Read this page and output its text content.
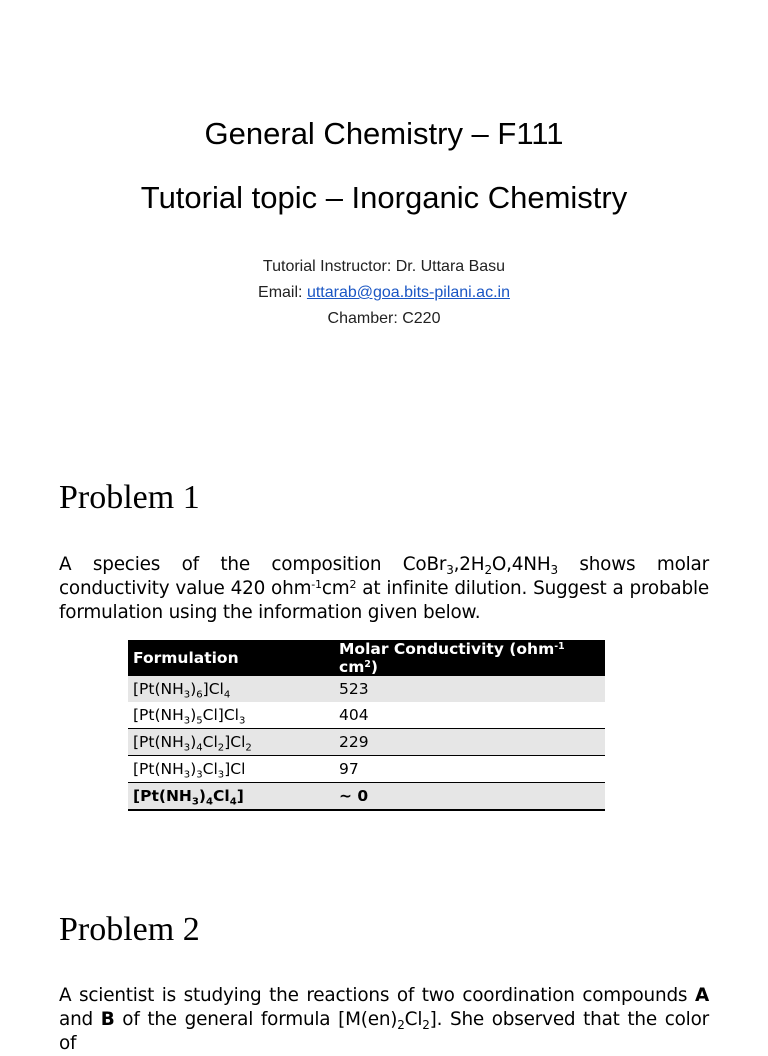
General Chemistry – F111
Tutorial topic – Inorganic Chemistry
Tutorial Instructor: Dr. Uttara Basu
Email: uttarab@goa.bits-pilani.ac.in
Chamber: C220
Problem 1
A species of the composition $CoBr_3,2H_2O,4NH_3$ shows molar conductivity value 420 $ohm^{-1}cm^2$ at infinite dilution. Suggest a probable formulation using the information given below.
Formulation	Molar Conductivity (ohm$^{-1}$ $cm^2$)
$[Pt(NH_3)_6]Cl_4$	523
$[Pt(NH_3)_5Cl]Cl_3$	404
$[Pt(NH_3)_4Cl_2]Cl_2$	229
$[Pt(NH_3)_3Cl_3]Cl$	97
$[Pt(NH_3)_4Cl_4]$	~ 0
Problem 2
A scientist is studying the reactions of two coordination compounds A and B of the general formula $[M(en)_2Cl_2]$. She observed that the color of
